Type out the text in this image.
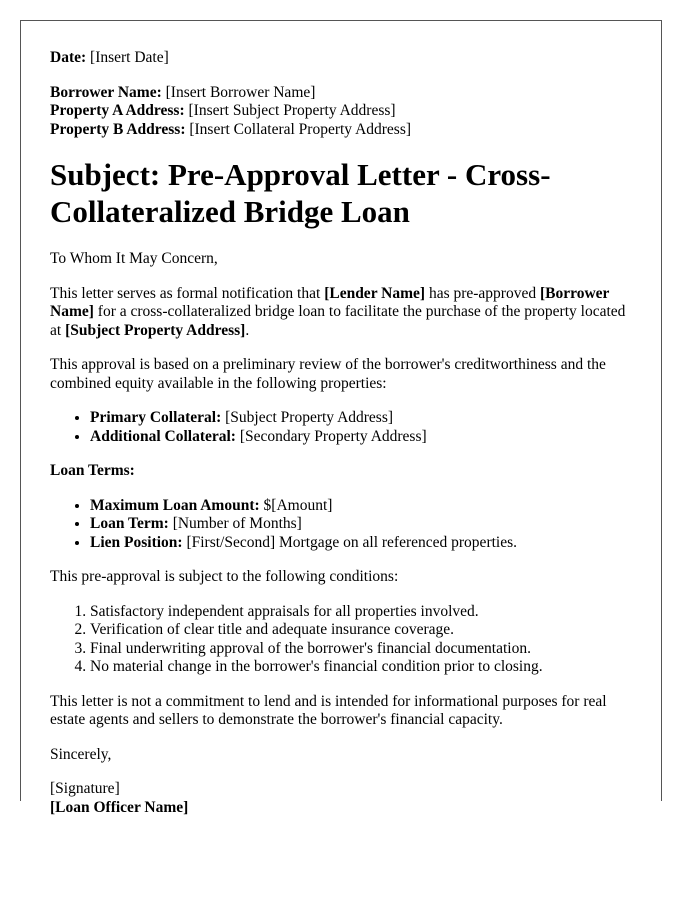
Date: [Insert Date]

Borrower Name: [Insert Borrower Name]

Property A Address: [Insert Subject Property Address]

Property B Address: [Insert Collateral Property Address]

Subject: Pre-Approval Letter - Cross-Collateralized Bridge Loan

To Whom It May Concern,

This letter serves as formal notification that [Lender Name] has pre-approved [Borrower Name] for a cross-collateralized bridge loan to facilitate the purchase of the property located at [Subject Property Address].

This approval is based on a preliminary review of the borrower's creditworthiness and the combined equity available in the following properties:

• Primary Collateral: [Subject Property Address]
• Additional Collateral: [Secondary Property Address]

Loan Terms:

• Maximum Loan Amount: $[Amount]
• Loan Term: [Number of Months]
• Lien Position: [First/Second] Mortgage on all referenced properties.

This pre-approval is subject to the following conditions:

1. Satisfactory independent appraisals for all properties involved.
2. Verification of clear title and adequate insurance coverage.
3. Final underwriting approval of the borrower's financial documentation.
4. No material change in the borrower's financial condition prior to closing.

This letter is not a commitment to lend and is intended for informational purposes for real estate agents and sellers to demonstrate the borrower's financial capacity.

Sincerely,

[Signature]

[Loan Officer Name]
